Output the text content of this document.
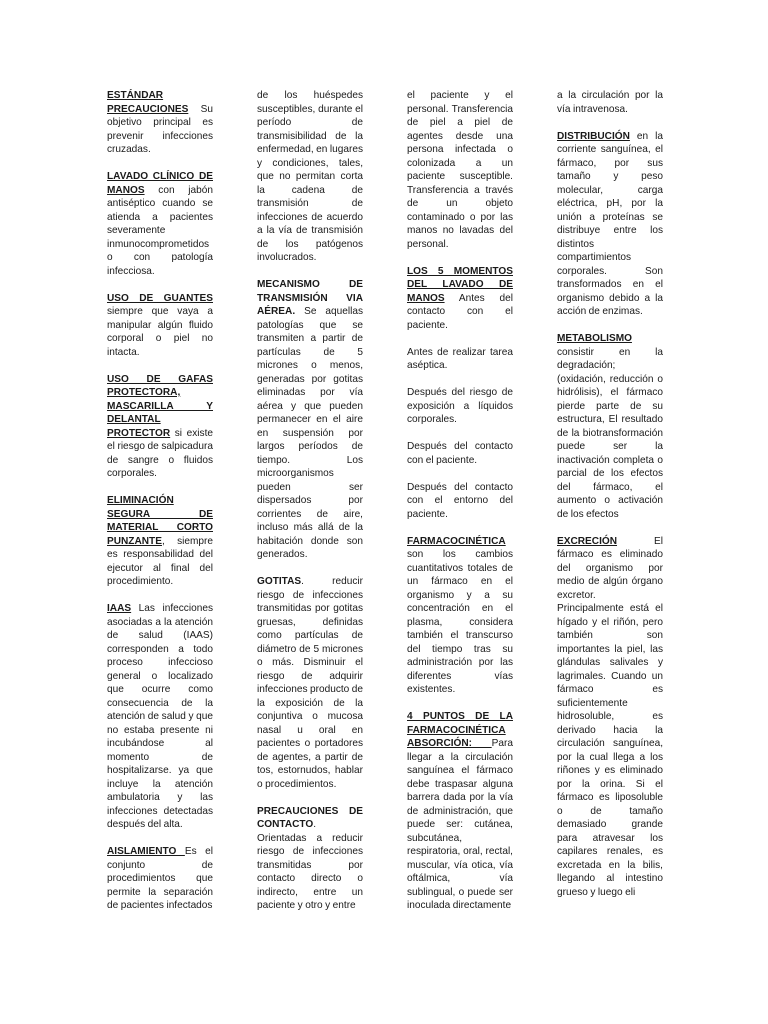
ESTÁNDAR PRECAUCIONES Su objetivo principal es prevenir infecciones cruzadas.

LAVADO CLÍNICO DE MANOS con jabón antiséptico cuando se atienda a pacientes severamente inmunocomprometidos o con patología infecciosa.

USO DE GUANTES siempre que vaya a manipular algún fluido corporal o piel no intacta.

USO DE GAFAS PROTECTORA, MASCARILLA Y DELANTAL PROTECTOR si existe el riesgo de salpicadura de sangre o fluidos corporales.

ELIMINACIÓN SEGURA DE MATERIAL CORTO PUNZANTE, siempre es responsabilidad del ejecutor al final del procedimiento.

IAAS Las infecciones asociadas a la atención de salud (IAAS) corresponden a todo proceso infeccioso general o localizado que ocurre como consecuencia de la atención de salud y que no estaba presente ni incubándose al momento de hospitalizarse. ya que incluye la atención ambulatoria y las infecciones detectadas después del alta.

AISLAMIENTO Es el conjunto de procedimientos que permite la separación de pacientes infectados

de los huéspedes susceptibles, durante el período de transmisibilidad de la enfermedad, en lugares y condiciones, tales, que no permitan corta la cadena de transmisión de infecciones de acuerdo a la vía de transmisión de los patógenos involucrados.

MECANISMO DE TRANSMISIÓN VIA AÉREA. Se aquellas patologías que se transmiten a partir de partículas de 5 micrones o menos, generadas por gotitas eliminadas por vía aérea y que pueden permanecer en el aire en suspensión por largos períodos de tiempo. Los microorganismos pueden ser dispersados por corrientes de aire, incluso más allá de la habitación donde son generados.

GOTITAS. reducir riesgo de infecciones transmitidas por gotitas gruesas, definidas como partículas de diámetro de 5 micrones o más. Disminuir el riesgo de adquirir infecciones producto de la exposición de la conjuntiva o mucosa nasal u oral en pacientes o portadores de agentes, a partir de tos, estornudos, hablar o procedimientos.

PRECAUCIONES DE CONTACTO. Orientadas a reducir riesgo de infecciones transmitidas por contacto directo o indirecto, entre un paciente y otro y entre

el paciente y el personal. Transferencia de piel a piel de agentes desde una persona infectada o colonizada a un paciente susceptible. Transferencia a través de un objeto contaminado o por las manos no lavadas del personal.

LOS 5 MOMENTOS DEL LAVADO DE MANOS Antes del contacto con el paciente.

Antes de realizar tarea aséptica.

Después del riesgo de exposición a líquidos corporales.

Después del contacto con el paciente.

Después del contacto con el entorno del paciente.

FARMACOCINÉTICA son los cambios cuantitativos totales de un fármaco en el organismo y a su concentración en el plasma, considera también el transcurso del tiempo tras su administración por las diferentes vías existentes.

4 PUNTOS DE LA FARMACOCINÉTICA ABSORCIÓN: Para llegar a la circulación sanguínea el fármaco debe traspasar alguna barrera dada por la vía de administración, que puede ser: cutánea, subcutánea, respiratoria, oral, rectal, muscular, vía otica, vía oftálmica, vía sublingual, o puede ser inoculada directamente

a la circulación por la vía intravenosa.

DISTRIBUCIÓN en la corriente sanguínea, el fármaco, por sus tamaño y peso molecular, carga eléctrica, pH, por la unión a proteínas se distribuye entre los distintos compartimientos corporales. Son transformados en el organismo debido a la acción de enzimas.

METABOLISMO consistir en la degradación; (oxidación, reducción o hidrólisis), el fármaco pierde parte de su estructura, El resultado de la biotransformación puede ser la inactivación completa o parcial de los efectos del fármaco, el aumento o activación de los efectos

EXCRECIÓN El fármaco es eliminado del organismo por medio de algún órgano excretor. Principalmente está el hígado y el riñón, pero también son importantes la piel, las glándulas salivales y lagrimales. Cuando un fármaco es suficientemente hidrosoluble, es derivado hacia la circulación sanguínea, por la cual llega a los riñones y es eliminado por la orina. Si el fármaco es liposoluble o de tamaño demasiado grande para atravesar los capilares renales, es excretada en la bilis, llegando al intestino grueso y luego eli
